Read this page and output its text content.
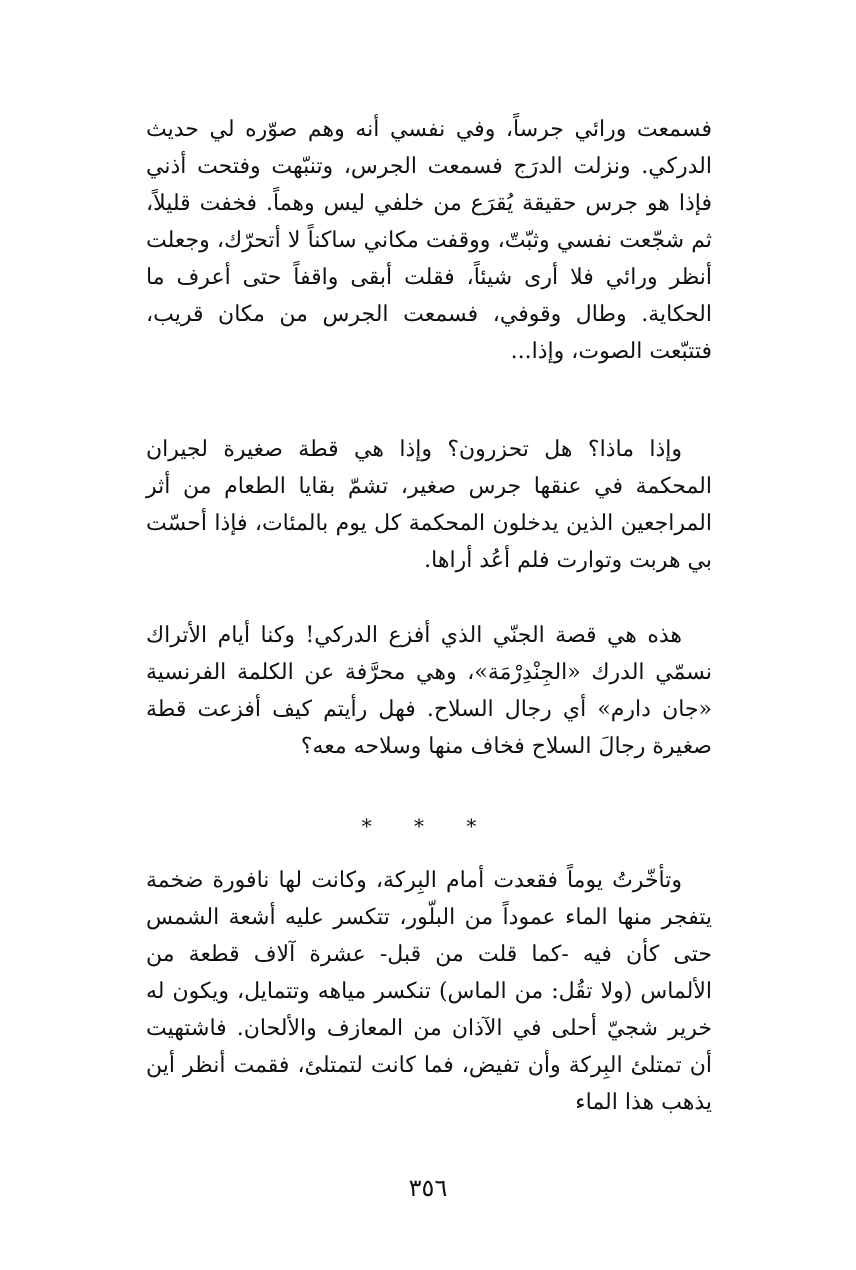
فسمعت ورائي جرساً، وفي نفسي أنه وهم صوّره لي حديث الدركي. ونزلت الدرَج فسمعت الجرس، وتنبّهت وفتحت أذني فإذا هو جرس حقيقة يُقرَع من خلفي ليس وهماً. فخفت قليلاً، ثم شجّعت نفسي وثبّتّ، ووقفت مكاني ساكناً لا أتحرّك، وجعلت أنظر ورائي فلا أرى شيئاً، فقلت أبقى واقفاً حتى أعرف ما الحكاية. وطال وقوفي، فسمعت الجرس من مكان قريب، فتتبّعت الصوت، وإذا...

وإذا ماذا؟ هل تحزرون؟ وإذا هي قطة صغيرة لجيران المحكمة في عنقها جرس صغير، تشمّ بقايا الطعام من أثر المراجعين الذين يدخلون المحكمة كل يوم بالمئات، فإذا أحسّت بي هربت وتوارت فلم أعُد أراها.

هذه هي قصة الجنّي الذي أفزع الدركي! وكنا أيام الأتراك نسمّي الدرك «الجِنْدِرْمَة»، وهي محرَّفة عن الكلمة الفرنسية «جان دارم» أي رجال السلاح. فهل رأيتم كيف أفزعت قطة صغيرة رجالَ السلاح فخاف منها وسلاحه معه؟

* * *

وتأخّرتُ يوماً فقعدت أمام البِركة، وكانت لها نافورة ضخمة يتفجر منها الماء عموداً من البلّور، تتكسر عليه أشعة الشمس حتى كأن فيه -كما قلت من قبل- عشرة آلاف قطعة من الألماس (ولا تقُل: من الماس) تنكسر مياهه وتتمايل، ويكون له خرير شجيّ أحلى في الآذان من المعازف والألحان. فاشتهيت أن تمتلئ البِركة وأن تفيض، فما كانت لتمتلئ، فقمت أنظر أين يذهب هذا الماء

٣٥٦
